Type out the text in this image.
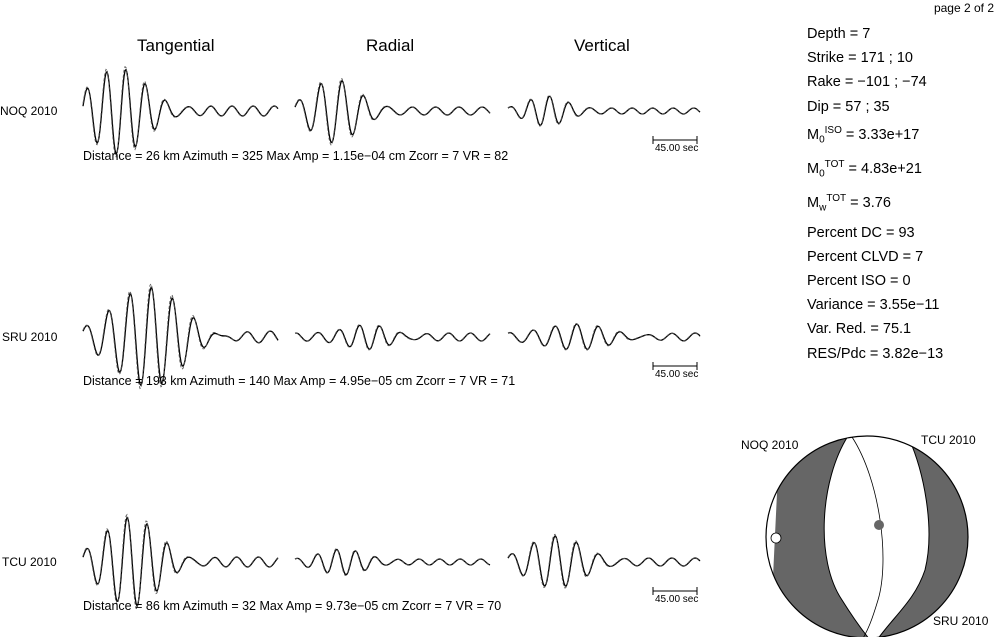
page 2 of 2
Tangential	Radial	Vertical
NOQ 2010
SRU 2010
TCU 2010
Distance = 26 km Azimuth = 325 Max Amp = 1.15e−04 cm Zcorr = 7 VR = 82
Distance = 193 km Azimuth = 140 Max Amp = 4.95e−05 cm Zcorr = 7 VR = 71
Distance = 86 km Azimuth = 32 Max Amp = 9.73e−05 cm Zcorr = 7 VR = 70
45.00 sec
45.00 sec
45.00 sec
Depth = 7
Strike = 171 ; 10
Rake = −101 ; −74
Dip = 57 ; 35
$M_0^{ISO} = 3.33e+17$
$M_0^{TOT} = 4.83e+21$
$M_w^{TOT} = 3.76$
Percent DC = 93
Percent CLVD = 7
Percent ISO = 0
Variance = 3.55e−11
Var. Red. = 75.1
RES/Pdc = 3.82e−13
NOQ 2010	TCU 2010
SRU 2010
